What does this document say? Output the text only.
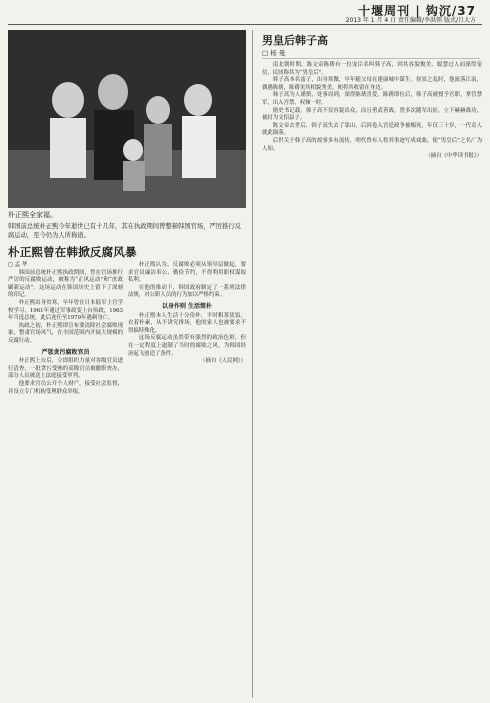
十堰周刊 | 钩沉/37
2013 年 1 月 4 日 责任编辑/李洪领 版式/吕大方
朴正熙全家福。
韩国前总统朴正熙今年逝世已有十几年，其在执政期间曾整顿韩国官场，严厉推行反腐运动，至今仍为人所称道。
朴正熙曾在韩掀反腐风暴

□ 孟 华

韩国前总统朴正熙执政期间，曾在官场推行严厉的反腐败运动，被称为“正风运动”和“庶政刷新运动”。这场运动在韩国历史上留下了深刻的印记。

朴正熙出身贫寒，早年曾在日本陆军士官学校学习，1961年通过军事政变上台执政，1963年当选总统，此后连任至1979年遇刺身亡。

执政之初，朴正熙即宣布要清除社会腐败现象，整肃官场风气，在全国范围内开展大规模的反腐行动。

严惩贪污腐败官员

朴正熙上台后，立即组织力量对各级官员进行清查，一批贪污受贿的高级官员被撤职查办，部分人员被送上法庭接受审判。

他要求官员公开个人财产，接受社会监督，并设立专门机构受理群众举报。

朴正熙认为，反腐败必须从领导层做起，要求官员廉洁奉公、勤俭节约，不得利用职权谋取私利。

在他的推动下，韩国政府制定了一系列法律法规，对公职人员的行为加以严格约束。

以身作则 生活简朴

朴正熙本人生活十分俭朴，平时粗茶淡饭，衣着朴素，从不讲究排场，他的家人也被要求不得搞特殊化。

这场反腐运动虽然带有强烈的政治色彩，但在一定程度上遏制了当时的腐败之风，为韩国经济起飞创造了条件。

（摘自《人民网》）

男皇后韩子高
□ 杨 曼

南北朝时期，陈文帝陈蒨有一位宠臣名叫韩子高，因其容貌俊美、聪慧过人而深得宠信，民间称其为“男皇后”。

韩子高本名蛮子，出身寒微，早年随父母在建康城中谋生。侯景之乱时，他流落江南，偶遇陈蒨，陈蒨见其相貌秀美，便将其收留在身边。

韩子高为人谨慎，处事周到，深得陈蒨喜爱。陈蒨即位后，韩子高被授予官职，掌管禁军，出入宫禁，权倾一时。

据史书记载，韩子高不仅容貌出众，而且勇武善战，曾多次随军出征，立下赫赫战功，被封为文招县子。

陈文帝去世后，韩子高失去了靠山，后因卷入宫廷政争被赐死，年仅三十岁，一代奇人就此陨落。

后世关于韩子高的故事多有流传，明代曾有人将其事迹写成戏曲，使“男皇后”之名广为人知。

（摘自《中华读书报》）
